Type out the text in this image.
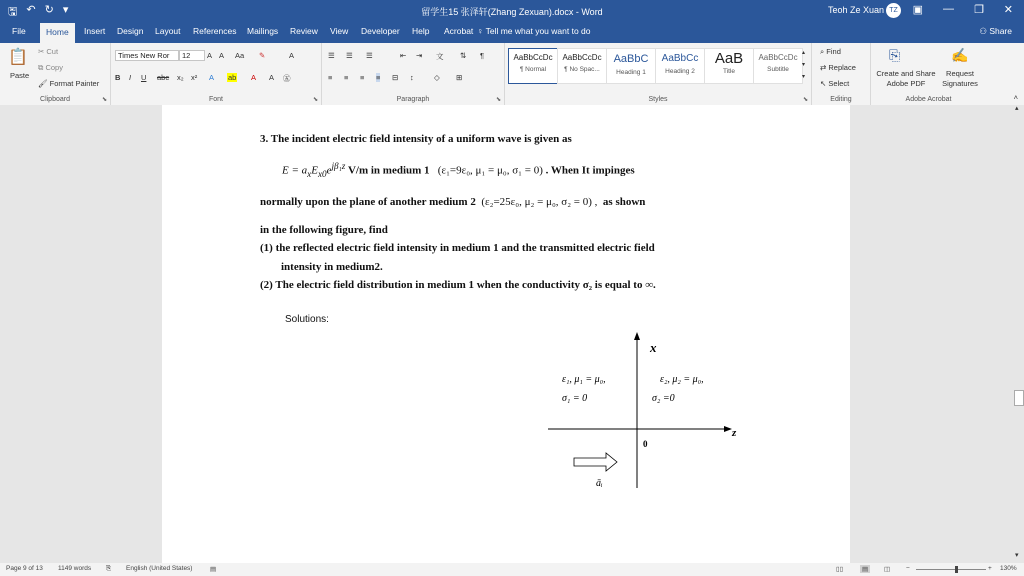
🖫 ↶ ↻ ▾	留学生15 张泽轩(Zhang Zexuan).docx - Word	Teoh Ze Xuan TZ ▣ — ❐ ✕
File	Home	Insert Design Layout References Mailings Review View Developer Help Acrobat ♀ Tell me what you want to do	⚇ Share
📋
Paste
✂ Cut
⧉ Copy
🖌 Format Painter
Clipboard	⬊
Times New Ror	12	A A Aa ✎	A
B I U abc x₂ x² A ab A A ㊄
Font	⬊
☰ ☰ ☰	⇤ ⇥ 文 ⇅ ¶
≡ ≡ ≡ ≡ ⊟ ↕	◇ ⊞
Paragraph	⬊
AaBbCcDc
¶ Normal
AaBbCcDc
¶ No Spac...
AaBbC
Heading 1
AaBbCc
Heading 2
AaB
Title
AaBbCcDc
Subtitle
▴
▾
▾
Styles	⬊
⌕ Find
⇄ Replace
↖ Select
Editing
⎘
Create and Share Adobe PDF
✍
Request Signatures
Adobe Acrobat	˄
3. The incident electric field intensity of a uniform wave is given as
$E = a_xE_{x0}e^{j\beta_1z}$ V/m in medium 1 (ε₁=9ε₀, μ₁ = μ₀, σ₁ = 0) . When It impinges
normally upon the plane of another medium 2 (ε₂=25ε₀, μ₂ = μ₀, σ₂ = 0) , as shown
in the following figure, find
(1) the reflected electric field intensity in medium 1 and the transmitted electric field
intensity in medium2.
(2) The electric field distribution in medium 1 when the conductivity σ₂ is equal to ∞.
Solutions:
x
z
0
ε₁, μ₁ = μ₀,
σ₁ = 0
ε₂, μ₂ = μ₀,
σ₂ =0
āᵢ
▴
▾
Page 9 of 13 1149 words ⎘ English (United States)	▤	▯▯	▤	◫ −	+ 130%
